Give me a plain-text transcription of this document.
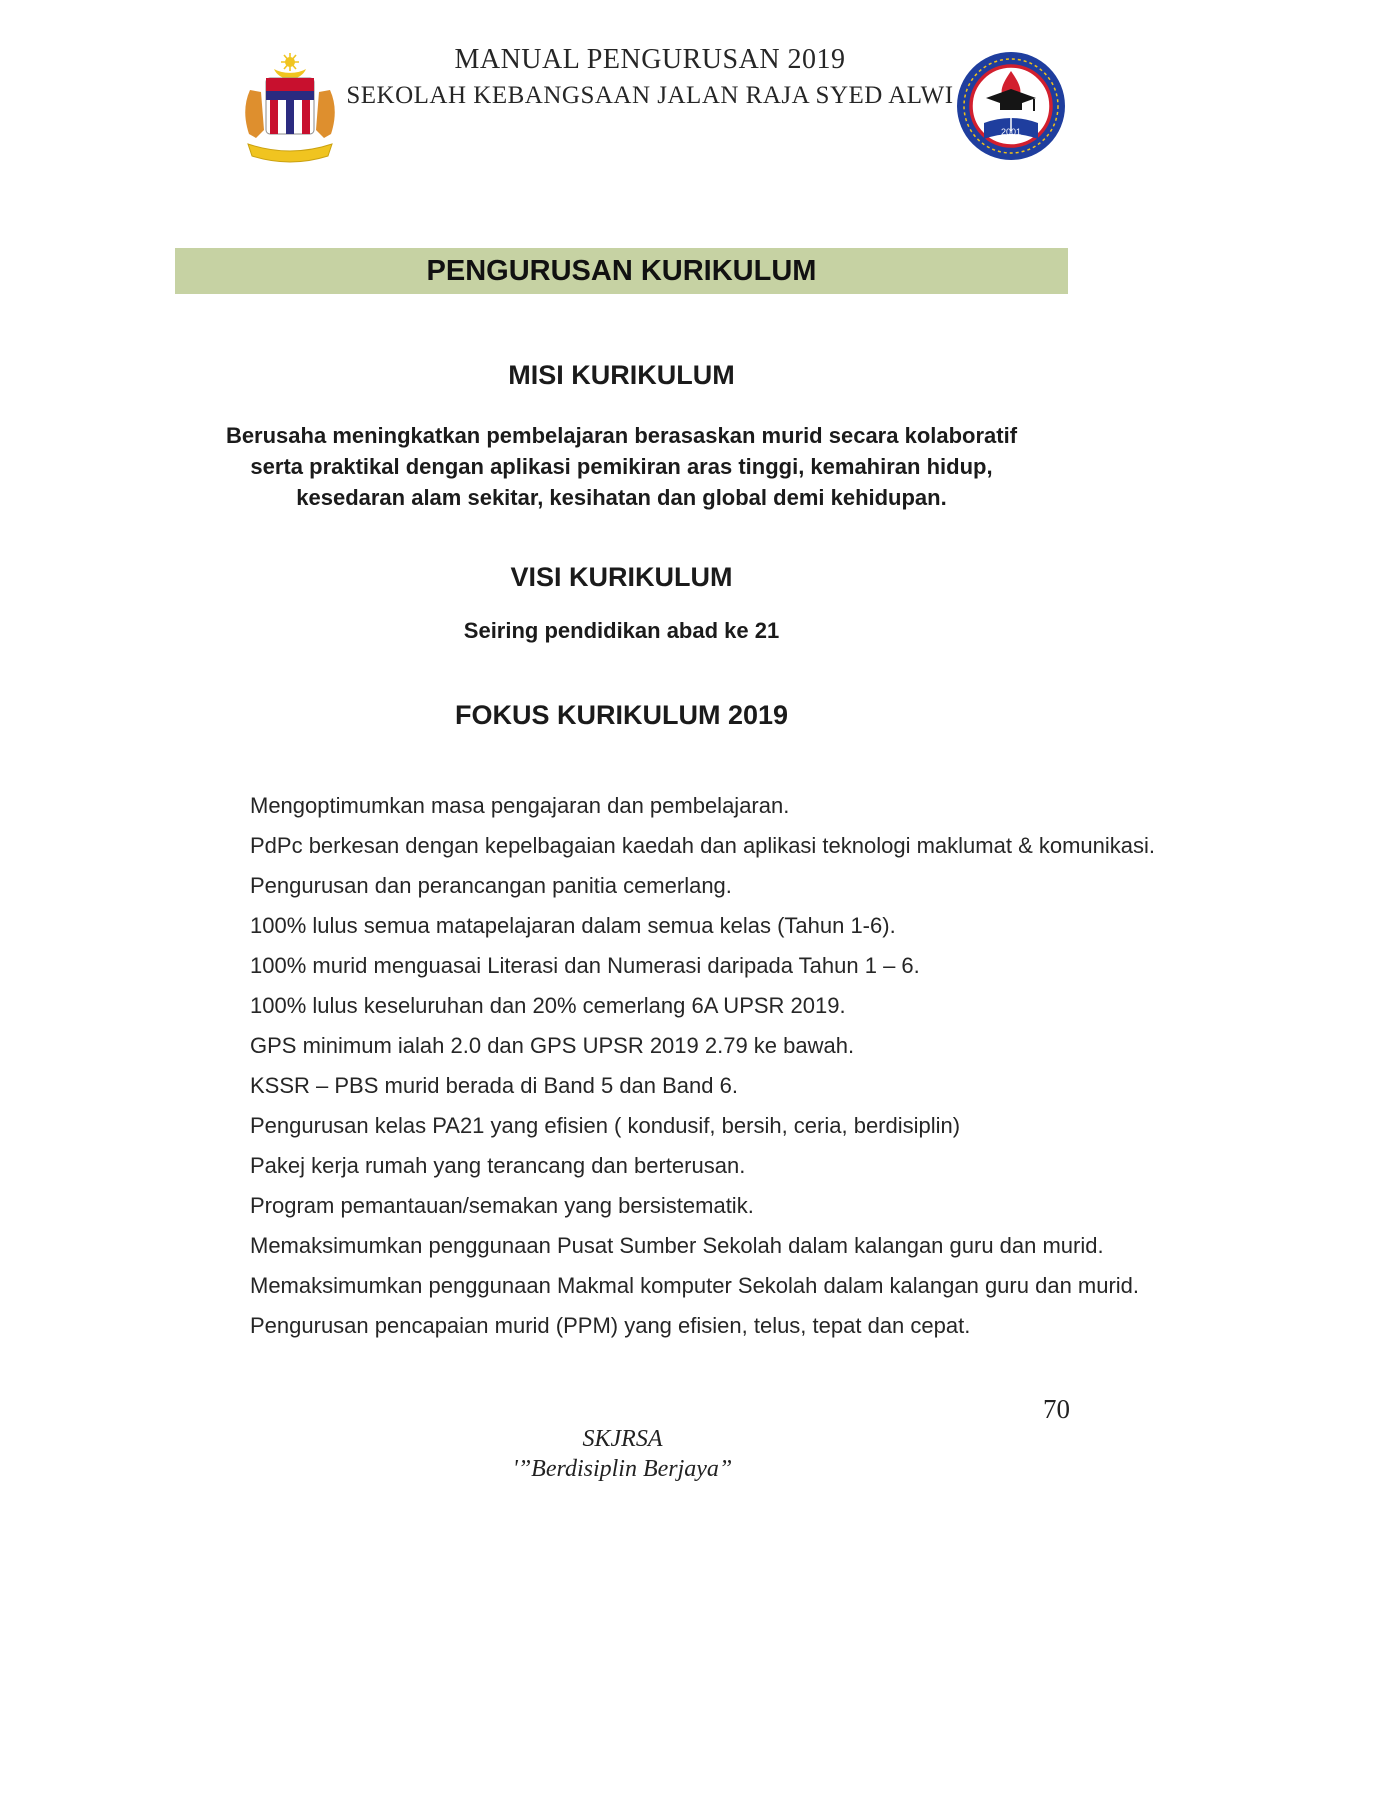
MANUAL PENGURUSAN 2019
SEKOLAH KEBANGSAAN JALAN RAJA SYED ALWI
2001
PENGURUSAN KURIKULUM
MISI KURIKULUM
Berusaha meningkatkan pembelajaran berasaskan murid secara kolaboratif
serta praktikal dengan aplikasi pemikiran aras tinggi, kemahiran hidup,
kesedaran alam sekitar, kesihatan dan global demi kehidupan.
VISI KURIKULUM
Seiring pendidikan abad ke 21
FOKUS KURIKULUM 2019
Mengoptimumkan masa pengajaran dan pembelajaran.
PdPc berkesan dengan kepelbagaian kaedah dan aplikasi teknologi maklumat & komunikasi.
Pengurusan dan perancangan panitia cemerlang.
100% lulus semua matapelajaran dalam semua kelas (Tahun 1-6).
100% murid menguasai Literasi dan Numerasi daripada Tahun 1 – 6.
100% lulus keseluruhan dan 20% cemerlang 6A UPSR 2019.
GPS minimum ialah 2.0 dan GPS UPSR 2019 2.79 ke bawah.
KSSR – PBS murid berada di Band 5 dan Band 6.
Pengurusan kelas PA21 yang efisien ( kondusif, bersih, ceria, berdisiplin)
Pakej kerja rumah yang terancang dan berterusan.
Program pemantauan/semakan yang bersistematik.
Memaksimumkan penggunaan Pusat Sumber Sekolah dalam kalangan guru dan murid.
Memaksimumkan penggunaan Makmal komputer Sekolah dalam kalangan guru dan murid.
Pengurusan pencapaian murid (PPM) yang efisien, telus, tepat dan cepat.
70
SKJRSA
'”Berdisiplin Berjaya”
